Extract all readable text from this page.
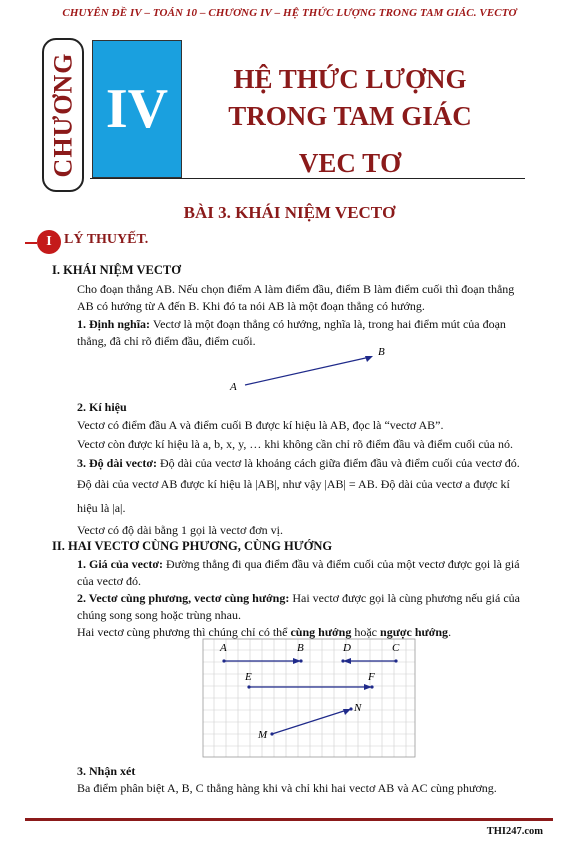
CHUYÊN ĐỀ IV – TOÁN 10 – CHƯƠNG IV – HỆ THỨC LƯỢNG TRONG TAM GIÁC. VECTƠ
CHƯƠNG IV	HỆ THỨC LƯỢNG
TRONG TAM GIÁC
VEC TƠ
BÀI 3. KHÁI NIỆM VECTƠ
I LÝ THUYẾT.
I. KHÁI NIỆM VECTƠ
Cho đoạn thẳng AB. Nếu chọn điểm A làm điểm đầu, điểm B làm điểm cuối thì đoạn thẳng
AB có hướng từ A đến B. Khi đó ta nói AB là một đoạn thẳng có hướng.
1. Định nghĩa: Vectơ là một đoạn thẳng có hướng, nghĩa là, trong hai điểm mút của đoạn
thẳng, đã chỉ rõ điểm đầu, điểm cuối.
A
B
2. Kí hiệu
Vectơ có điểm đầu A và điểm cuối B được kí hiệu là AB, đọc là “vectơ AB”.
Vectơ còn được kí hiệu là a, b, x, y, … khi không cần chỉ rõ điểm đầu và điểm cuối của nó.
3. Độ dài vectơ: Độ dài của vectơ là khoảng cách giữa điểm đầu và điểm cuối của vectơ đó.
Độ dài của vectơ AB được kí hiệu là |AB|, như vậy |AB| = AB. Độ dài của vectơ a được kí
hiệu là |a|.
Vectơ có độ dài bằng 1 gọi là vectơ đơn vị.
II. HAI VECTƠ CÙNG PHƯƠNG, CÙNG HƯỚNG
1. Giá của vectơ: Đường thẳng đi qua điểm đầu và điểm cuối của một vectơ được gọi là giá
của vectơ đó.
2. Vectơ cùng phương, vectơ cùng hướng: Hai vectơ được gọi là cùng phương nếu giá của
chúng song song hoặc trùng nhau.
Hai vectơ cùng phương thì chúng chỉ có thể cùng hướng hoặc ngược hướng.
A	B	D	C
E	F
M
N
3. Nhận xét
Ba điểm phân biệt A, B, C thẳng hàng khi và chỉ khi hai vectơ AB và AC cùng phương.
THI247.com
